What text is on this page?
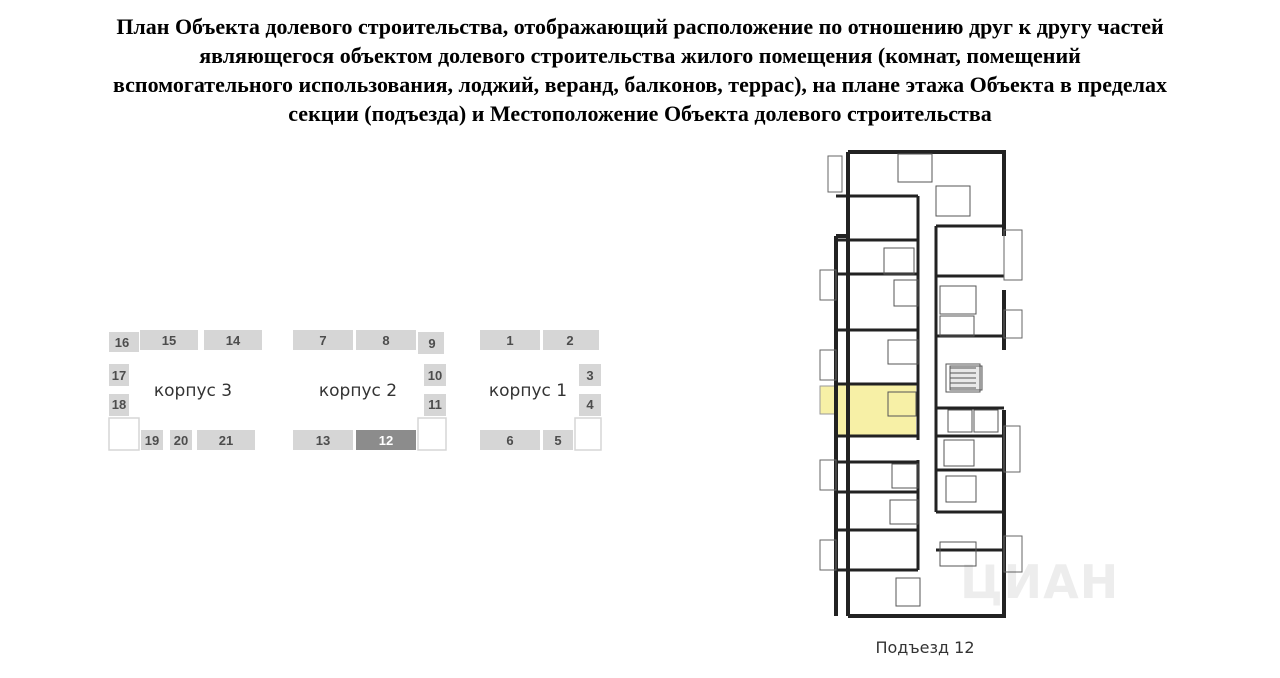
План Объекта долевого строительства, отображающий расположение по отношению друг к другу частей
являющегося объектом долевого строительства жилого помещения (комнат, помещений
вспомогательного использования, лоджий, веранд, балконов, террас), на плане этажа Объекта в пределах
секции (подъезда) и Местоположение Объекта долевого строительства
16	15	14
17
18
19 20 21
корпус 3
7	8	9
10
11
13	12
корпус 2
1	2
3
4
6	5
корпус 1
ЦИАН
Подъезд 12
